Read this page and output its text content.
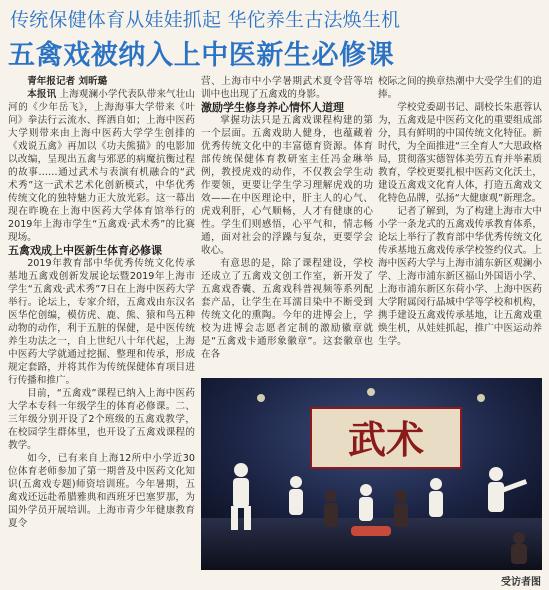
传统保健体育从娃娃抓起 华佗养生古法焕生机
五禽戏被纳入上中医新生必修课

青年报记者 刘昕璐

本报讯 上海观澜小学代表队带来气壮山河的《少年岳飞》，上海海事大学带来《叶问》拳法行云流水、挥洒自如；上海中医药大学则带来由上海中医药大学学生创排的《戏说五禽》再加以《功夫熊猫》的电影加以改编，呈现出五禽与邪恶的病魔抗衡过程的故事……通过武术与表演有机融合的“武术秀”这一武术艺术化创新模式，中华优秀传统文化的独特魅力正大放光彩。这一幕出现在昨晚在上海中医药大学体育馆举行的2019年上海市学生“五禽戏·武术秀”的比赛现场。

五禽戏成上中医新生体育必修课

2019年教育部中华优秀传统文化传承基地五禽戏创新发展论坛暨2019年上海市学生“五禽戏·武术秀”7日在上海中医药大学举行。论坛上，专家介绍，五禽戏由东汉名医华佗创编，模仿虎、鹿、熊、猿和鸟五种动物的动作，利于五脏的保健，是中医传统养生功法之一，自上世纪八十年代起，上海中医药大学就通过挖掘、整理和传承，形成规定套路，并将其作为传统保健体育项目进行传播和推广。

目前，“五禽戏”课程已纳入上海中医药大学本专科一年级学生的体育必修课。二、三年级分别开设了2个班级的五禽戏教学，在校园学生群体里，也开设了五禽戏课程的教学。

如今，已有来自上海12所中小学近30位体育老师参加了第一期普及中医药文化知识(五禽戏专题)师资培训班。今年暑期，五禽戏还远赴希腊雅典和西班牙巴塞罗那，为国外学员开展培训。上海市青少年健康教育夏令

营、上海市中小学暑期武术夏令营等培训中也出现了五禽戏的身影。

激励学生修身养心情怀人道理

掌握功法只是五禽戏课程构建的第一个层面。五禽戏助人健身，也蕴藏着优秀传统文化中的丰富德育资源。体育部传统保健体育教研室主任冯金琳举例，教授虎戏的动作，不仅教会学生动作要领，更要让学生学习理解虎戏的功效——在中医理论中，肝主人的心气、虎戏利肝，心气顺畅，人才有健康的心性。学生们则感悟，心平气和，情志畅通，面对社会的浮躁与复杂，更要学会收心。

有意思的是，除了课程建设，学校还成立了五禽戏文创工作室，新开发了五禽戏香囊、五禽戏科普视频等系列配套产品，让学生在耳濡目染中不断受到传统文化的熏陶。今年的进博会上，学校为进博会志愿者定制的激励徽章就是“五禽戏卡通形象徽章”。这套徽章也在各

校际之间的换章热潮中大受学生们的追捧。

学校党委副书记、副校长朱惠蓉认为，五禽戏是中医药文化的重要组成部分，具有鲜明的中国传统文化特征。新时代，为全面推进“三全育人”大思政格局，贯彻落实德智体美劳五育并举素质教育，学校更要扎根中医药文化沃土，建设五禽戏文化育人体，打造五禽戏文化特色品牌，弘扬“大健康观”新理念。

记者了解到，为了构建上海市大中小学一条龙式的五禽戏传承教育体系，论坛上举行了教育部中华优秀传统文化传承基地五禽戏传承学校签约仪式。上海中医药大学与上海市浦东新区观澜小学、上海市浦东新区福山外国语小学、上海市浦东新区东荷小学、上海中医药大学附属闵行晶城中学等学校和机构，携手建设五禽戏传承基地，让五禽戏重焕生机，从娃娃抓起，推广中医运动养生学。

武术
受访者图
